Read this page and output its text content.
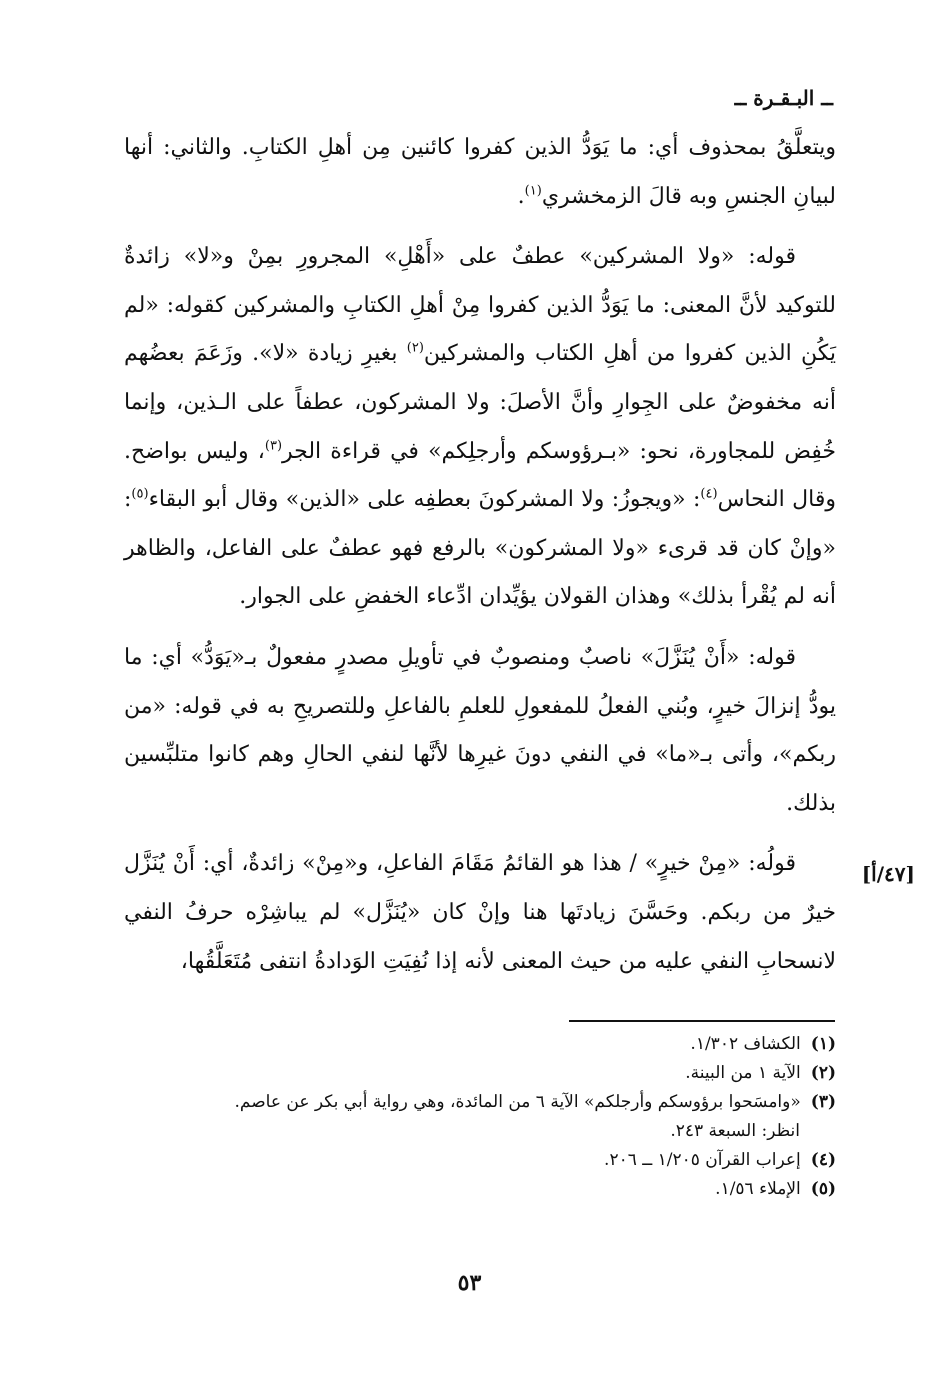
ــ البـقـرة ــ
[٤٧/أ]

ويتعلَّقُ بمحذوف أي: ما يَوَدُّ الذين كفروا كائنين مِن أهلِ الكتابِ. والثاني: أنها لبيانِ الجنسِ وبه قالَ الزمخشري$^{(١)}$.

قوله: «ولا المشركين» عطفٌ على «أَهْلِ» المجرورِ بمِنْ و«لا» زائدةٌ للتوكيد لأنَّ المعنى: ما يَوَدُّ الذين كفروا مِنْ أهلِ الكتابِ والمشركين كقوله: «لم يَكُنِ الذين كفروا من أهلِ الكتاب والمشركين$^{(٢)}$ بغيرِ زيادة «لا». وزَعَمَ بعضُهم أنه مخفوضٌ على الجِوارِ وأنَّ الأصلَ: ولا المشركون، عطفاً على الـذين، وإنما خُفِض للمجاورة، نحو: «بـرؤوسكم وأرجلِكم» في قراءة الجر$^{(٣)}$، وليس بواضح. وقال النحاس$^{(٤)}$: «ويجوزُ: ولا المشركونَ بعطفِه على «الذين» وقال أبو البقاء$^{(٥)}$: «وإنْ كان قد قرىء «ولا المشركون» بالرفع فهو عطفٌ على الفاعل، والظاهر أنه لم يُقْرأ بذلك» وهذان القولان يؤيِّدان ادِّعاء الخفضِ على الجوار.

قوله: «أَنْ يُنَزَّلَ» ناصبٌ ومنصوبٌ في تأويلِ مصدرٍ مفعولٌ بـ«يَوَدُّ» أي: ما يودُّ إنزالَ خيرٍ، وبُني الفعلُ للمفعولِ للعلمِ بالفاعلِ وللتصريحِ به في قوله: «من ربكم»، وأتى بـ«ما» في النفي دونَ غيرِها لأنَّها لنفي الحالِ وهم كانوا متلبِّسين بذلك.

قولُه: «مِنْ خيرٍ» / هذا هو القائمُ مَقَامَ الفاعلِ، و«مِنْ» زائدةٌ، أي: أَنْ يُنَزَّل خيرٌ من ربكم. وحَسَّنَ زيادتَها هنا وإنْ كان «يُنَزَّل» لم يباشِرْه حرفُ النفي لانسحابِ النفي عليه من حيث المعنى لأنه إذا نُفِيَتِ الوَدادةُ انتفى مُتَعَلَّقُها،

(١)الكشاف ١/٣٠٢.

(٢)الآية ١ من البينة.

(٣)«وامسَحوا برؤوسكم وأرجلكم» الآية ٦ من المائدة، وهي رواية أبي بكر عن عاصم.

انظر: السبعة ٢٤٣.

(٤)إعراب القرآن ١/٢٠٥ ــ ٢٠٦.

(٥)الإملاء ١/٥٦.

٥٣
